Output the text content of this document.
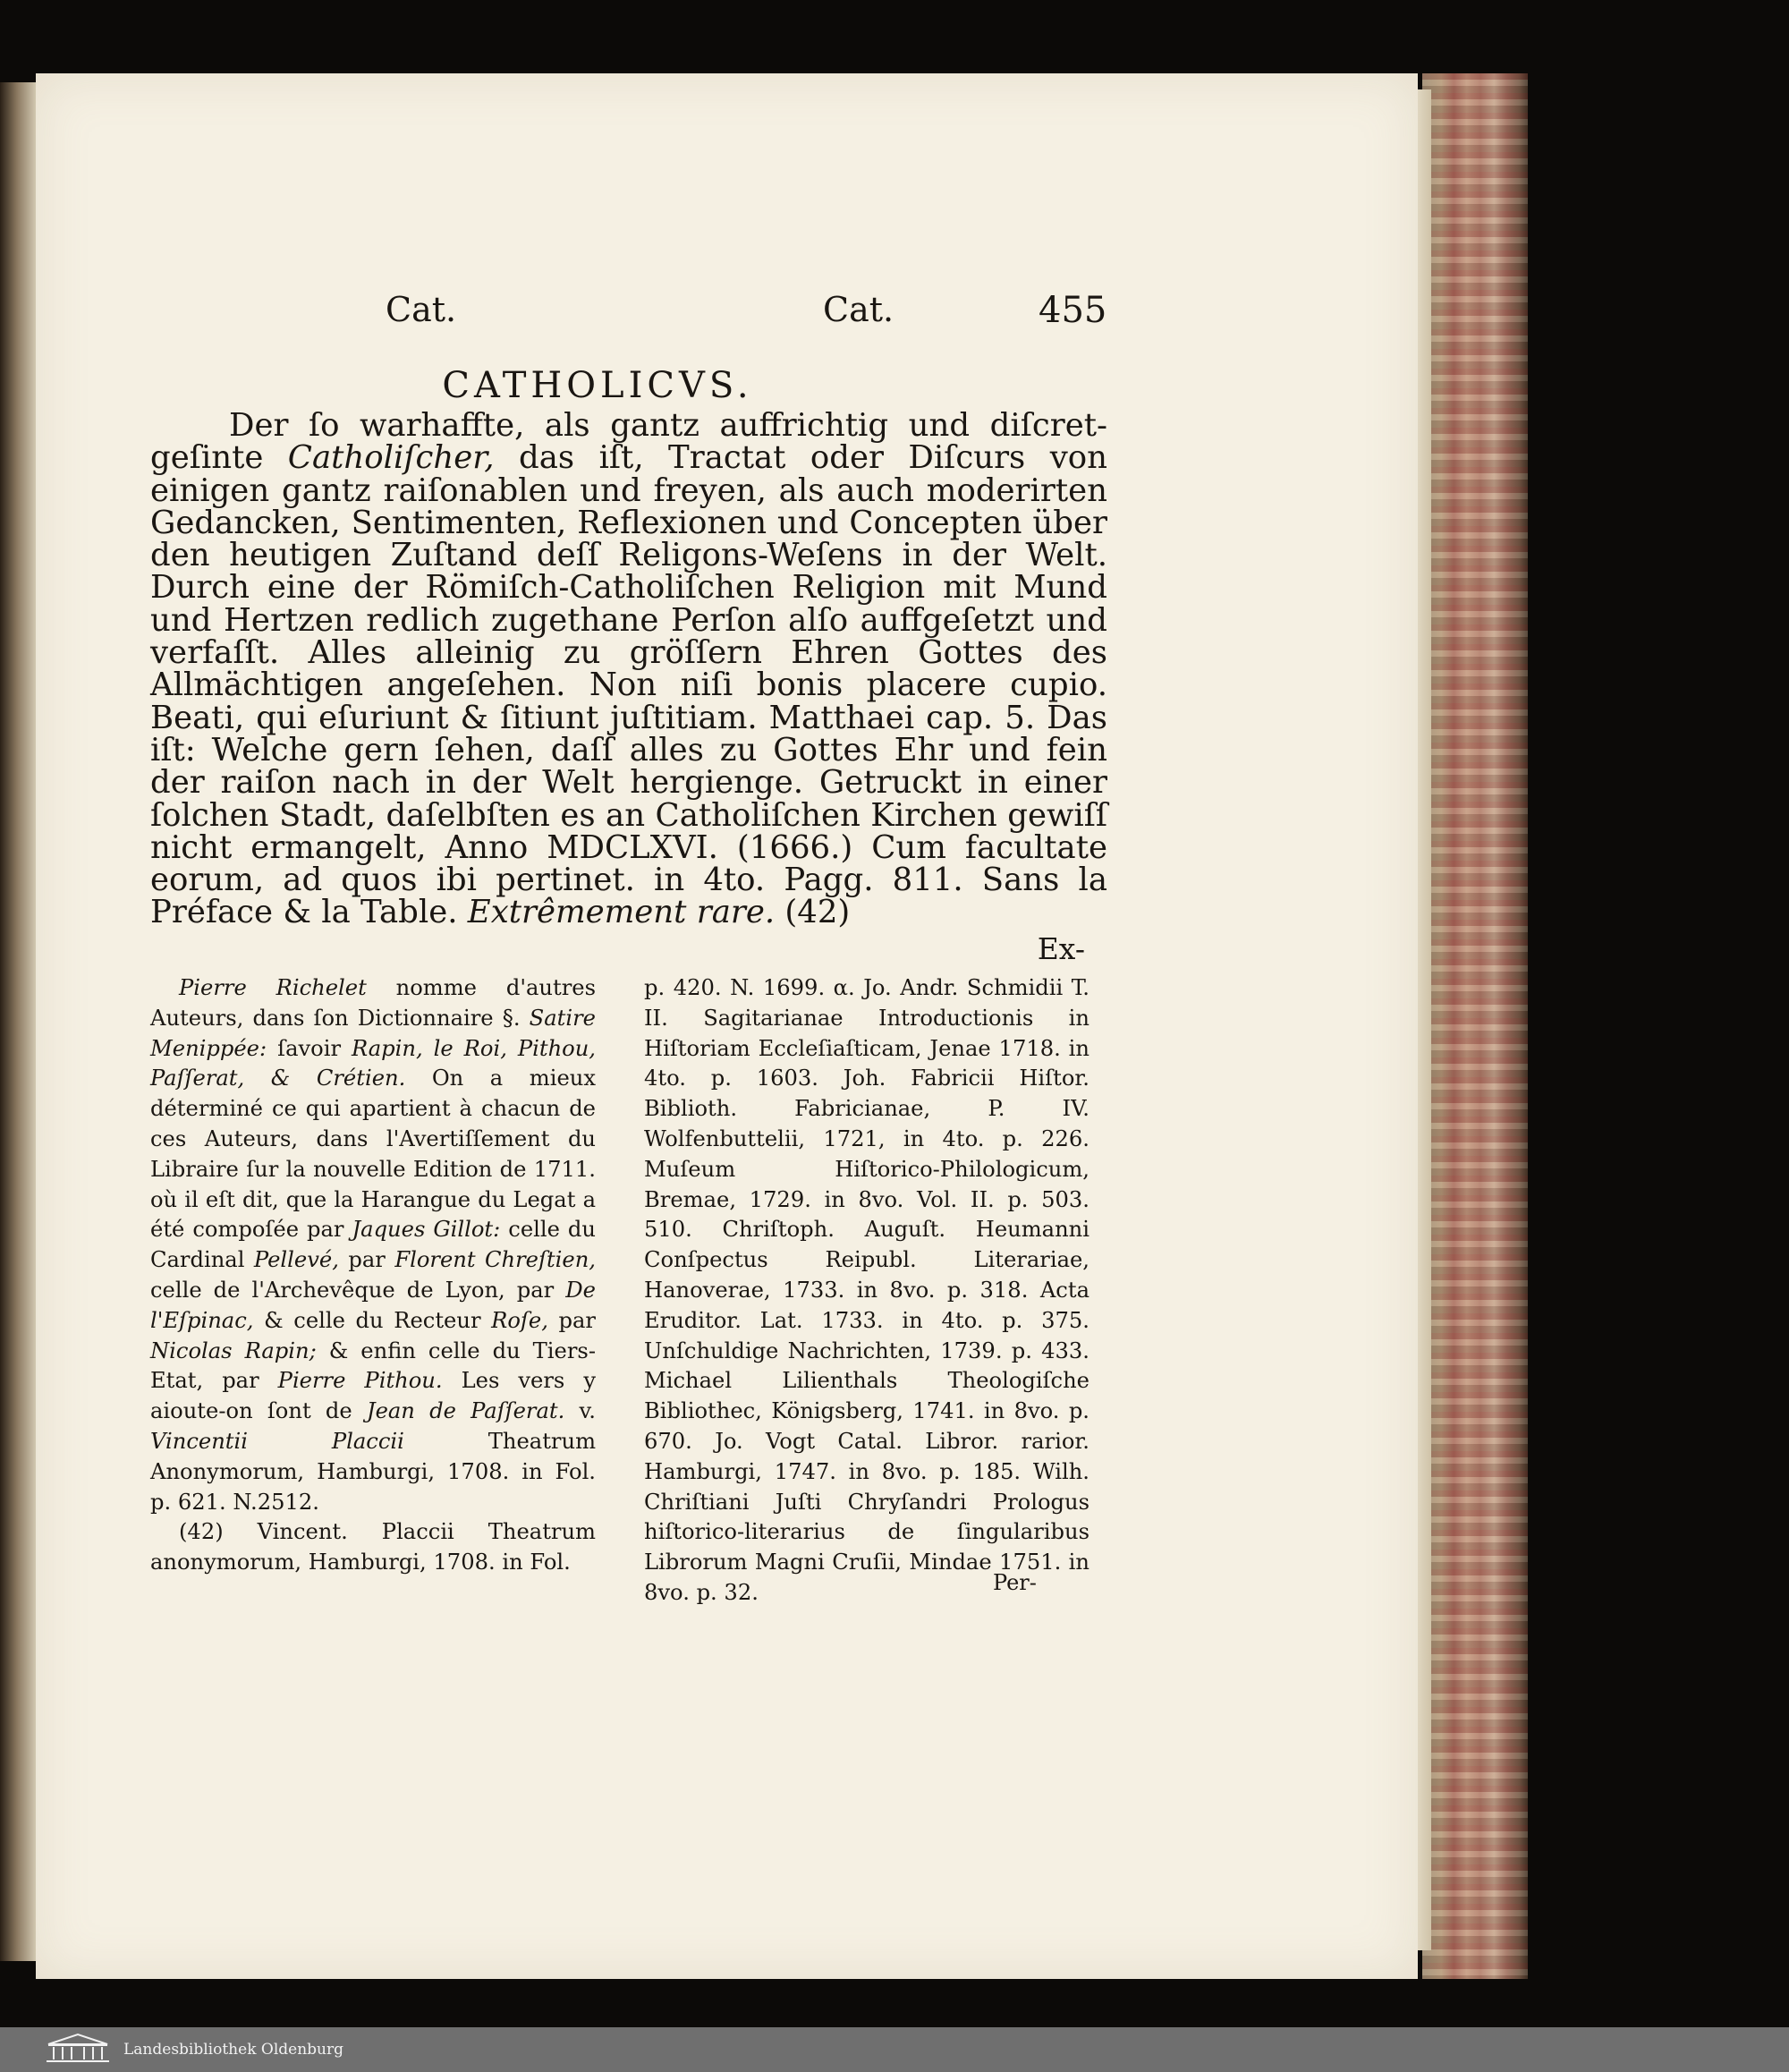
Cat.	Cat.	455
CATHOLICVS.
Der ſo warhaffte, als gantz auffrichtig und diſcret-geſinte Catholiſcher, das iſt, Tractat oder Diſcurs von einigen gantz raiſonablen und freyen, als auch moderirten Gedancken, Sentimenten, Reflexionen und Concepten über den heutigen Zuſtand deſſ Religons-Weſens in der Welt. Durch eine der Römiſch-Catholiſchen Religion mit Mund und Hertzen redlich zugethane Perſon alſo auffgeſetzt und verfaſſt. Alles alleinig zu gröſſern Ehren Gottes des Allmächtigen angeſehen. Non niſi bonis placere cupio. Beati, qui eſuriunt & ſitiunt juſtitiam. Matthaei cap. 5. Das iſt: Welche gern ſehen, daſſ alles zu Gottes Ehr und fein der raiſon nach in der Welt hergienge. Getruckt in einer ſolchen Stadt, daſelbſten es an Catholiſchen Kirchen gewiſſ nicht ermangelt, Anno MDCLXVI. (1666.) Cum facultate eorum, ad quos ibi pertinet. in 4to. Pagg. 811. Sans la Préface & la Table. Extrêmement rare. (42)
Ex-

Pierre Richelet nomme d'autres Auteurs, dans ſon Dictionnaire §. Satire Menippée: ſavoir Rapin, le Roi, Pithou, Paſſerat, & Crétien. On a mieux déterminé ce qui apartient à chacun de ces Auteurs, dans l'Avertiſſement du Libraire ſur la nouvelle Edition de 1711. où il eſt dit, que la Harangue du Legat a été compoſée par Jaques Gillot: celle du Cardinal Pellevé, par Florent Chreſtien, celle de l'Archevêque de Lyon, par De l'Eſpinac, & celle du Recteur Roſe, par Nicolas Rapin; & enfin celle du Tiers-Etat, par Pierre Pithou. Les vers y aioute-on ſont de Jean de Paſſerat. v. Vincentii Placcii Theatrum Anonymorum, Hamburgi, 1708. in Fol. p. 621. N.2512.

(42) Vincent. Placcii Theatrum anonymorum, Hamburgi, 1708. in Fol.

p. 420. N. 1699. α. Jo. Andr. Schmidii T. II. Sagitarianae Introductionis in Hiſtoriam Eccleſiaſticam, Jenae 1718. in 4to. p. 1603. Joh. Fabricii Hiſtor. Biblioth. Fabricianae, P. IV. Wolfenbuttelii, 1721, in 4to. p. 226. Muſeum Hiſtorico-Philologicum, Bremae, 1729. in 8vo. Vol. II. p. 503. 510. Chriſtoph. Auguſt. Heumanni Conſpectus Reipubl. Literariae, Hanoverae, 1733. in 8vo. p. 318. Acta Eruditor. Lat. 1733. in 4to. p. 375. Unſchuldige Nachrichten, 1739. p. 433. Michael Lilienthals Theologiſche Bibliothec, Königsberg, 1741. in 8vo. p. 670. Jo. Vogt Catal. Libror. rarior. Hamburgi, 1747. in 8vo. p. 185. Wilh. Chriſtiani Juſti Chryſandri Prologus hiſtorico-literarius de ſingularibus Librorum Magni Cruſii, Mindae 1751. in 8vo. p. 32.	Per-
Landesbibliothek Oldenburg
